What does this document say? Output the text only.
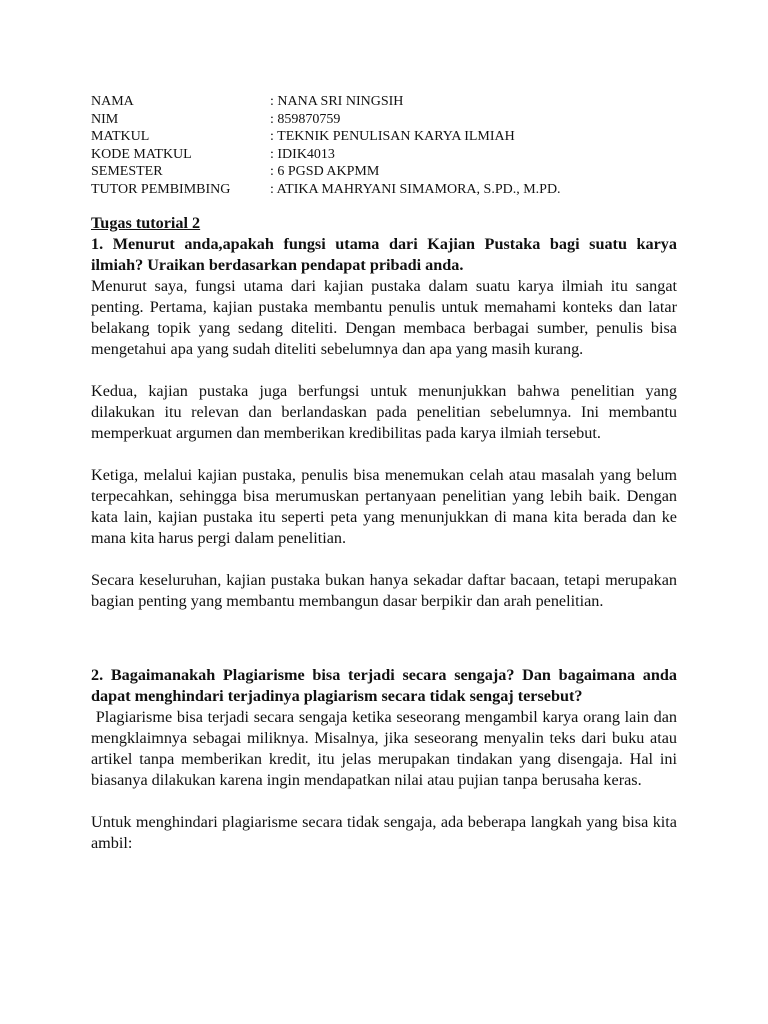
NAMA	: NANA SRI NINGSIH
NIM	: 859870759
MATKUL	: TEKNIK PENULISAN KARYA ILMIAH
KODE MATKUL	: IDIK4013
SEMESTER	: 6 PGSD AKPMM
TUTOR PEMBIMBING	: ATIKA MAHRYANI SIMAMORA, S.PD., M.PD.
Tugas tutorial 2
1. Menurut anda,apakah fungsi utama dari Kajian Pustaka bagi suatu karya ilmiah? Uraikan berdasarkan pendapat pribadi anda.

Menurut saya, fungsi utama dari kajian pustaka dalam suatu karya ilmiah itu sangat penting. Pertama, kajian pustaka membantu penulis untuk memahami konteks dan latar belakang topik yang sedang diteliti. Dengan membaca berbagai sumber, penulis bisa mengetahui apa yang sudah diteliti sebelumnya dan apa yang masih kurang.

Kedua, kajian pustaka juga berfungsi untuk menunjukkan bahwa penelitian yang dilakukan itu relevan dan berlandaskan pada penelitian sebelumnya. Ini membantu memperkuat argumen dan memberikan kredibilitas pada karya ilmiah tersebut.

Ketiga, melalui kajian pustaka, penulis bisa menemukan celah atau masalah yang belum terpecahkan, sehingga bisa merumuskan pertanyaan penelitian yang lebih baik. Dengan kata lain, kajian pustaka itu seperti peta yang menunjukkan di mana kita berada dan ke mana kita harus pergi dalam penelitian.

Secara keseluruhan, kajian pustaka bukan hanya sekadar daftar bacaan, tetapi merupakan bagian penting yang membantu membangun dasar berpikir dan arah penelitian.

2. Bagaimanakah Plagiarisme bisa terjadi secara sengaja? Dan bagaimana anda dapat menghindari terjadinya plagiarism secara tidak sengaj tersebut?

Plagiarisme bisa terjadi secara sengaja ketika seseorang mengambil karya orang lain dan mengklaimnya sebagai miliknya. Misalnya, jika seseorang menyalin teks dari buku atau artikel tanpa memberikan kredit, itu jelas merupakan tindakan yang disengaja. Hal ini biasanya dilakukan karena ingin mendapatkan nilai atau pujian tanpa berusaha keras.

Untuk menghindari plagiarisme secara tidak sengaja, ada beberapa langkah yang bisa kita ambil:
